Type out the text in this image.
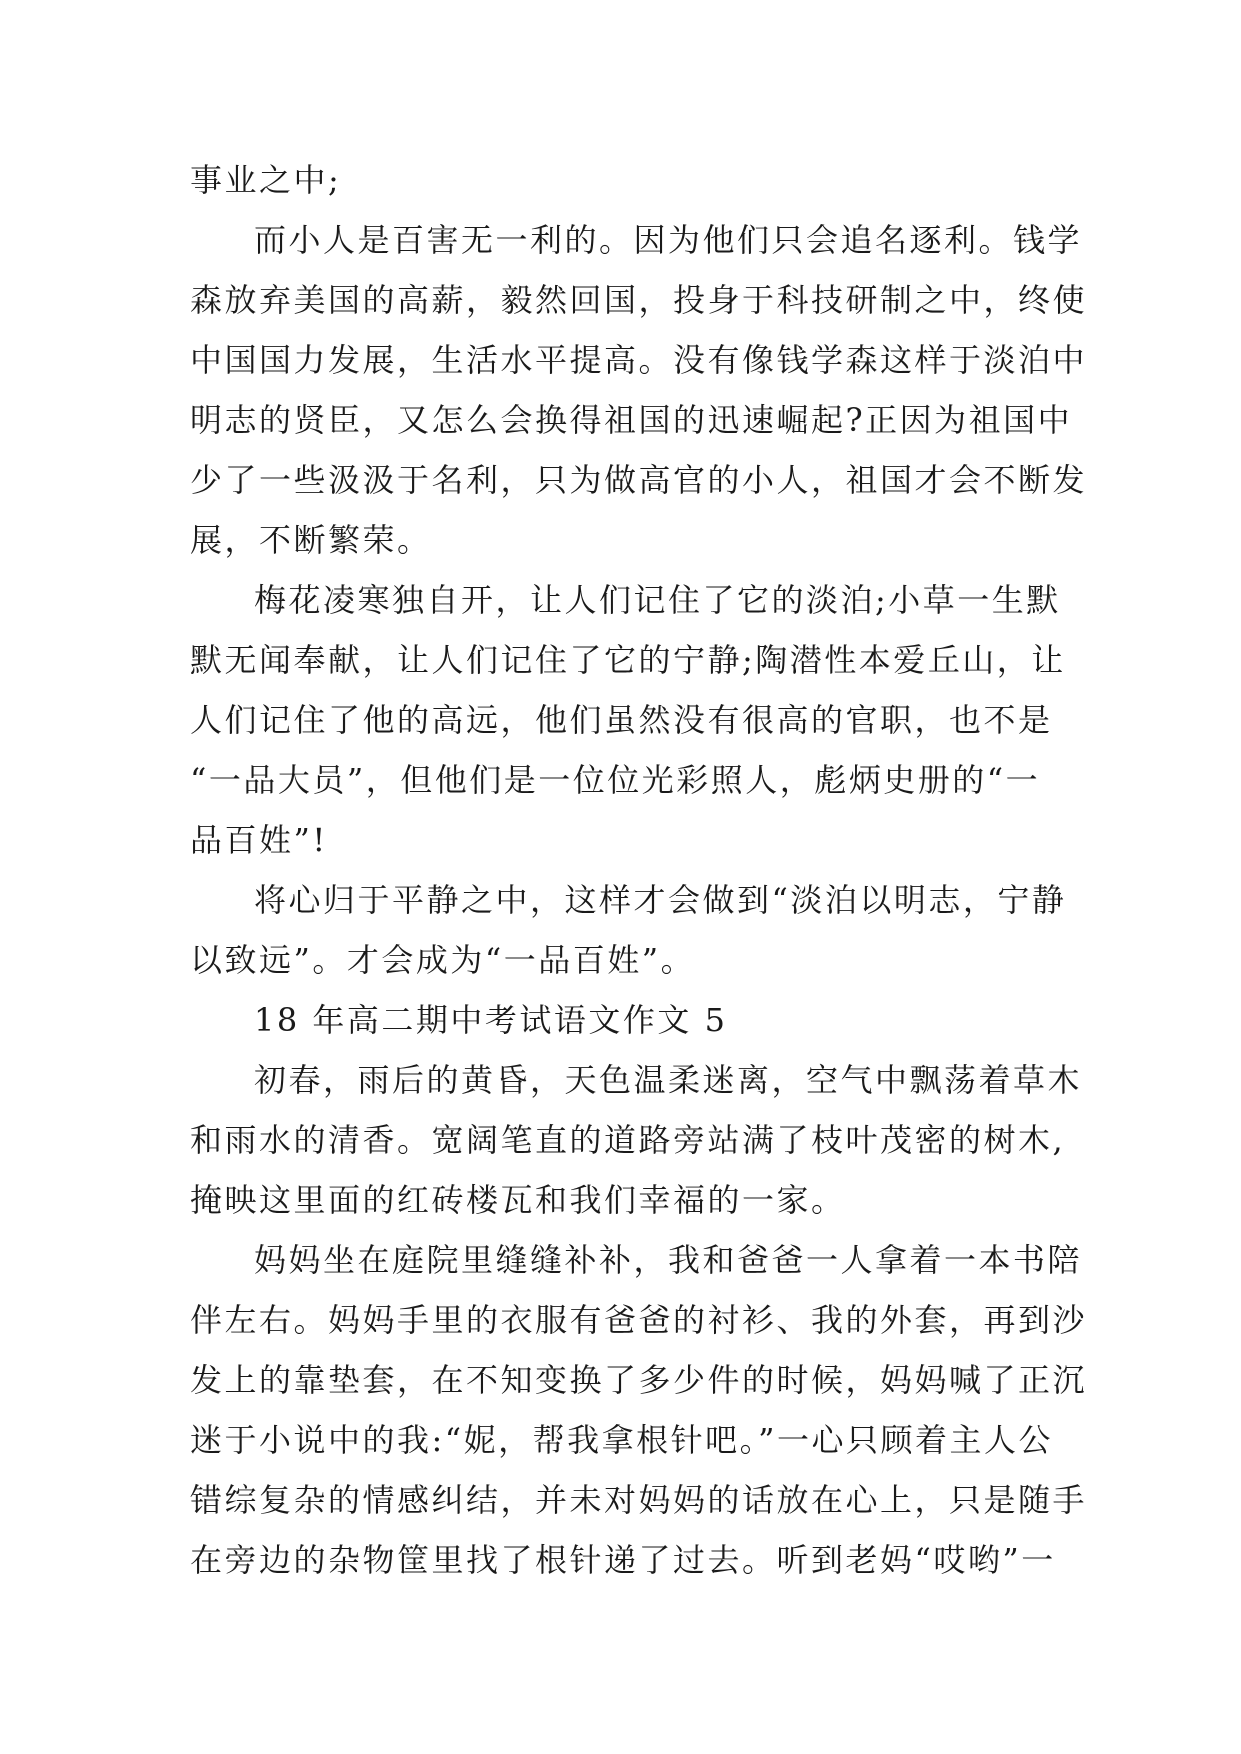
事业之中;
而小人是百害无一利的。因为他们只会追名逐利。钱学
森放弃美国的高薪，毅然回国，投身于科技研制之中，终使
中国国力发展，生活水平提高。没有像钱学森这样于淡泊中
明志的贤臣，又怎么会换得祖国的迅速崛起?正因为祖国中
少了一些汲汲于名利，只为做高官的小人，祖国才会不断发
展，不断繁荣。
梅花凌寒独自开，让人们记住了它的淡泊;小草一生默
默无闻奉献，让人们记住了它的宁静;陶潜性本爱丘山，让
人们记住了他的高远，他们虽然没有很高的官职，也不是
“一品大员”，但他们是一位位光彩照人，彪炳史册的“一
品百姓”!
将心归于平静之中，这样才会做到“淡泊以明志，宁静
以致远”。才会成为“一品百姓”。
18 年高二期中考试语文作文 5
初春，雨后的黄昏，天色温柔迷离，空气中飘荡着草木
和雨水的清香。宽阔笔直的道路旁站满了枝叶茂密的树木,
掩映这里面的红砖楼瓦和我们幸福的一家。
妈妈坐在庭院里缝缝补补，我和爸爸一人拿着一本书陪
伴左右。妈妈手里的衣服有爸爸的衬衫、我的外套，再到沙
发上的靠垫套，在不知变换了多少件的时候，妈妈喊了正沉
迷于小说中的我:“妮，帮我拿根针吧。”一心只顾着主人公
错综复杂的情感纠结，并未对妈妈的话放在心上，只是随手
在旁边的杂物筐里找了根针递了过去。听到老妈“哎哟”一
